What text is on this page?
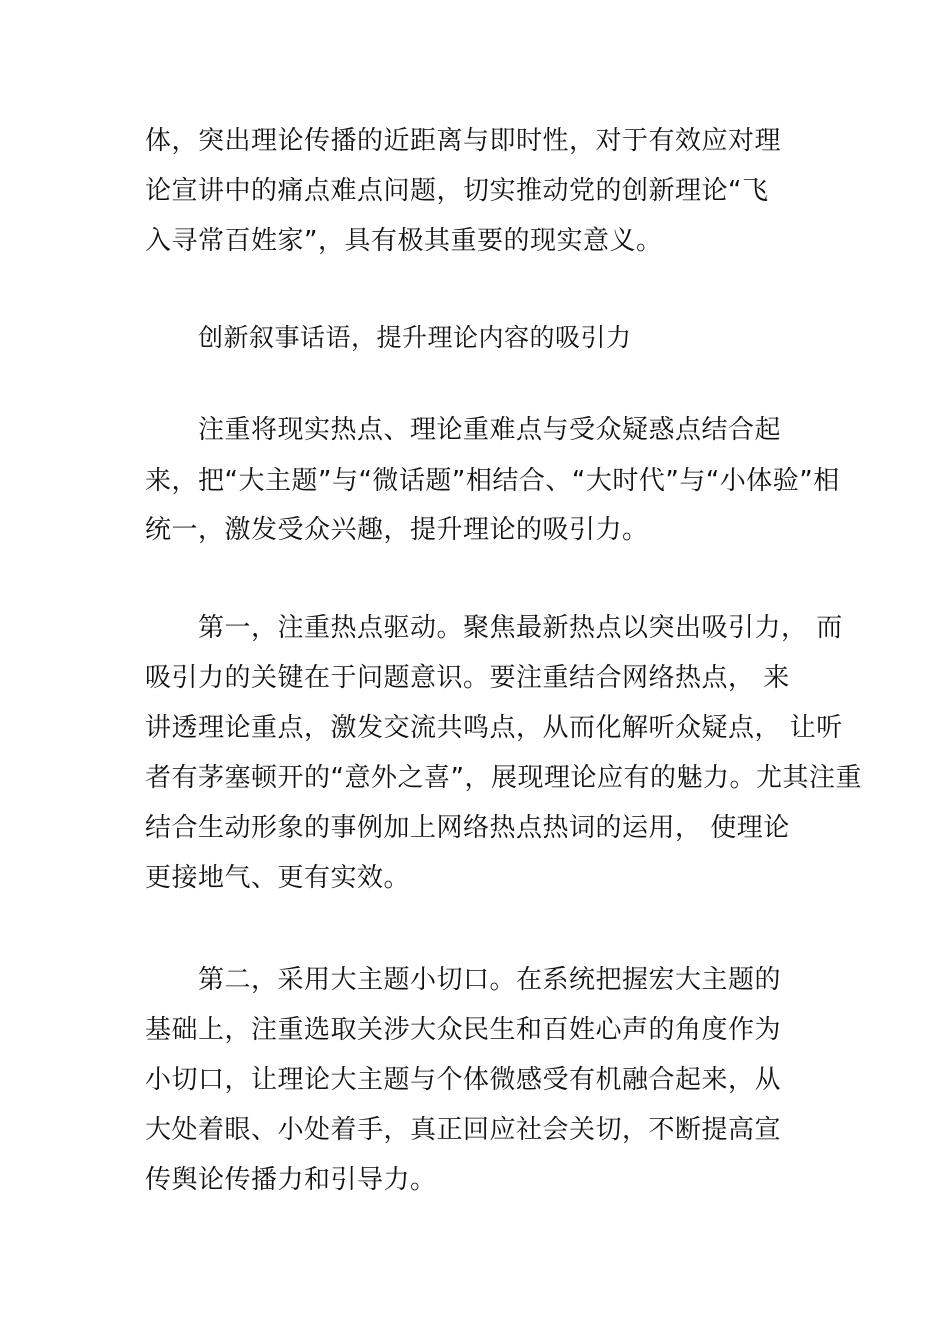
体，突出理论传播的近距离与即时性，对于有效应对理
论宣讲中的痛点难点问题，切实推动党的创新理论“飞
入寻常百姓家”，具有极其重要的现实意义。
创新叙事话语，提升理论内容的吸引力
注重将现实热点、理论重难点与受众疑惑点结合起
来，把“大主题”与“微话题”相结合、“大时代”与“小体验”相
统一，激发受众兴趣，提升理论的吸引力。
第一，注重热点驱动。聚焦最新热点以突出吸引力， 而
吸引力的关键在于问题意识。要注重结合网络热点， 来
讲透理论重点，激发交流共鸣点，从而化解听众疑点， 让听
者有茅塞顿开的“意外之喜”，展现理论应有的魅力。尤其注重
结合生动形象的事例加上网络热点热词的运用， 使理论
更接地气、更有实效。
第二，采用大主题小切口。在系统把握宏大主题的
基础上，注重选取关涉大众民生和百姓心声的角度作为
小切口，让理论大主题与个体微感受有机融合起来，从
大处着眼、小处着手，真正回应社会关切，不断提高宣
传舆论传播力和引导力。
